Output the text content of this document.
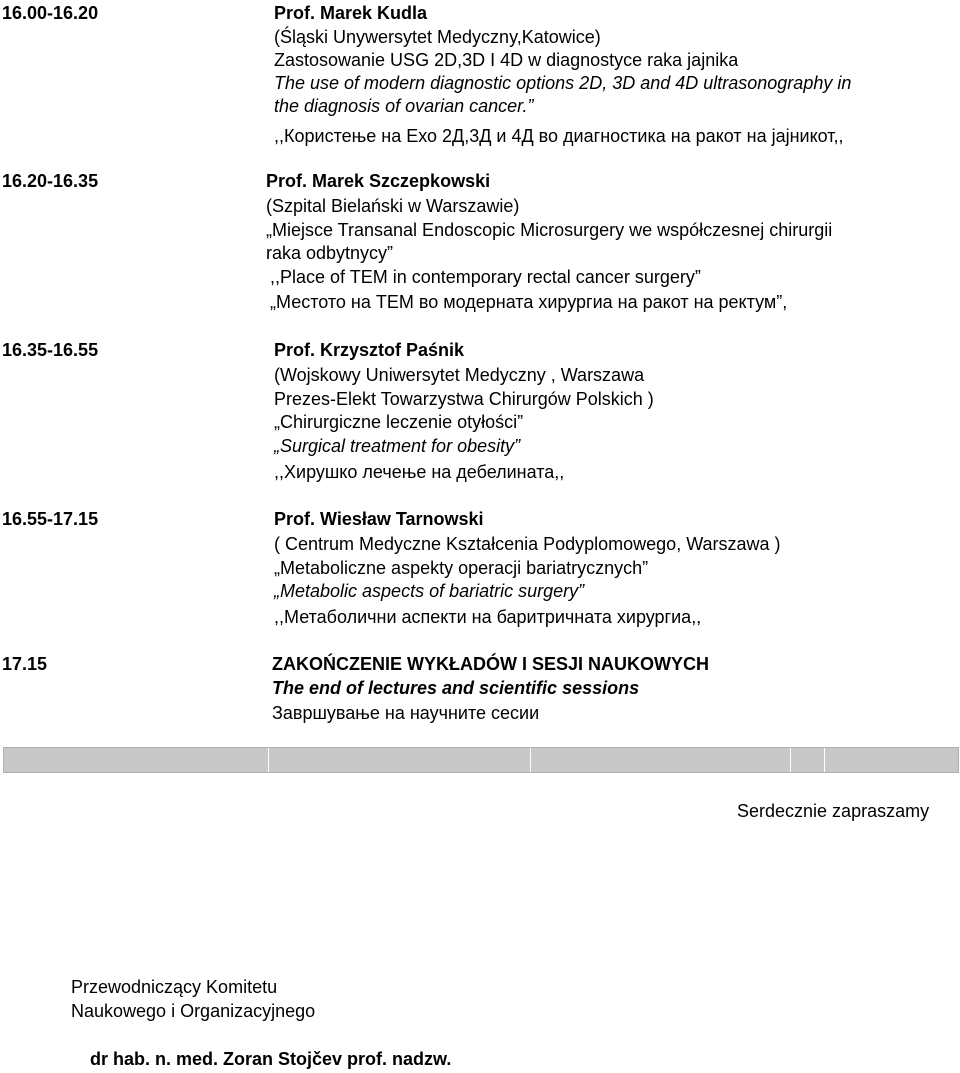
16.00-16.20	Prof. Marek Kudla
(Śląski Unywersytet Medyczny,Katowice)
Zastosowanie USG 2D,3D I 4D w diagnostyce raka jajnika
The use of modern diagnostic options 2D, 3D and 4D ultrasonography in
the diagnosis of ovarian cancer.”
,,Користење на Ехо 2Д,3Д и 4Д во диагностика на ракот на јајникот,,
16.20-16.35	Prof. Marek Szczepkowski
(Szpital Bielański w Warszawie)
„Miejsce Transanal Endoscopic Microsurgery we współczesnej chirurgii
raka odbytnycy”
,,Place of TEM in contemporary rectal cancer surgery”
„Местото на ТЕМ во модерната хирургиа на ракот на ректум”,
16.35-16.55	Prof. Krzysztof Paśnik
(Wojskowy Uniwersytet Medyczny , Warszawa
Prezes-Elekt Towarzystwa Chirurgów Polskich )
„Chirurgiczne leczenie otyłości”
„Surgical treatment for obesity”
,,Хирушко лечење на дебелината,,
16.55-17.15	Prof. Wiesław Tarnowski
( Centrum Medyczne Kształcenia Podyplomowego, Warszawa )
„Metaboliczne aspekty operacji bariatrycznych”
„Metabolic aspects of bariatric surgery”
,,Метаболични аспекти на баритричната хирургиа,,
17.15	ZAKOŃCZENIE WYKŁADÓW I SESJI NAUKOWYCH
The end of lectures and scientific sessions
Завршување на научните сесии
Serdecznie zapraszamy
Przewodniczący Komitetu
Naukowego i Organizacyjnego
dr hab. n. med. Zoran Stojčev prof. nadzw.
